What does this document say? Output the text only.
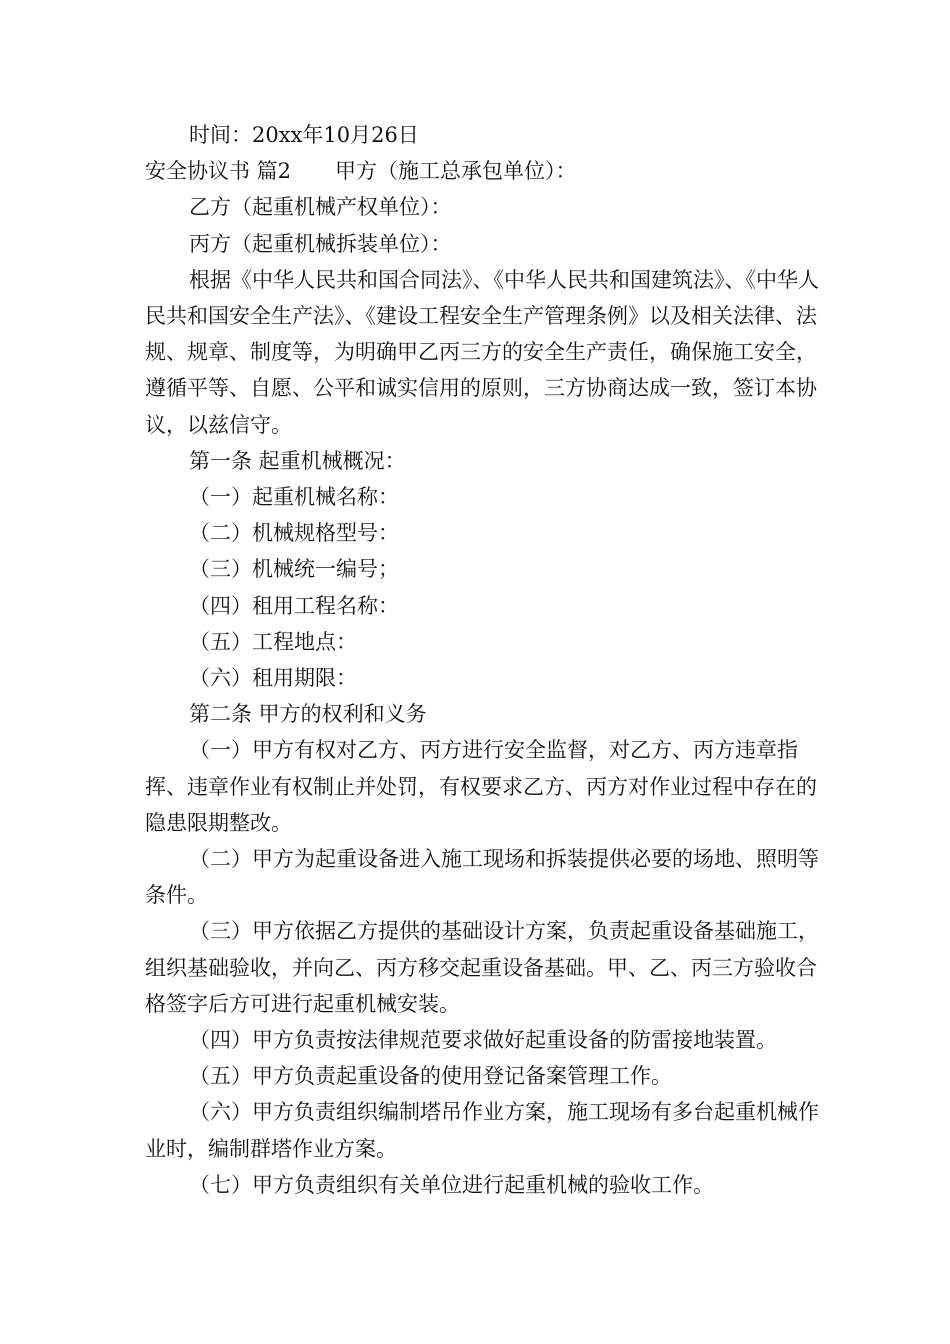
时间：20xx年10月26日

安全协议书 篇2 甲方（施工总承包单位）：

乙方（起重机械产权单位）：

丙方（起重机械拆装单位）：

根据《中华人民共和国合同法》、《中华人民共和国建筑法》、《中华人民共和国安全生产法》、《建设工程安全生产管理条例》以及相关法律、法规、规章、制度等，为明确甲乙丙三方的安全生产责任，确保施工安全，遵循平等、自愿、公平和诚实信用的原则，三方协商达成一致，签订本协议，以兹信守。

第一条 起重机械概况：

（一）起重机械名称：

（二）机械规格型号：

（三）机械统一编号；

（四）租用工程名称：

（五）工程地点：

（六）租用期限：

第二条 甲方的权利和义务

（一）甲方有权对乙方、丙方进行安全监督，对乙方、丙方违章指挥、违章作业有权制止并处罚，有权要求乙方、丙方对作业过程中存在的隐患限期整改。

（二）甲方为起重设备进入施工现场和拆装提供必要的场地、照明等条件。

（三）甲方依据乙方提供的基础设计方案，负责起重设备基础施工，组织基础验收，并向乙、丙方移交起重设备基础。甲、乙、丙三方验收合格签字后方可进行起重机械安装。

（四）甲方负责按法律规范要求做好起重设备的防雷接地装置。

（五）甲方负责起重设备的使用登记备案管理工作。

（六）甲方负责组织编制塔吊作业方案，施工现场有多台起重机械作业时，编制群塔作业方案。

（七）甲方负责组织有关单位进行起重机械的验收工作。
